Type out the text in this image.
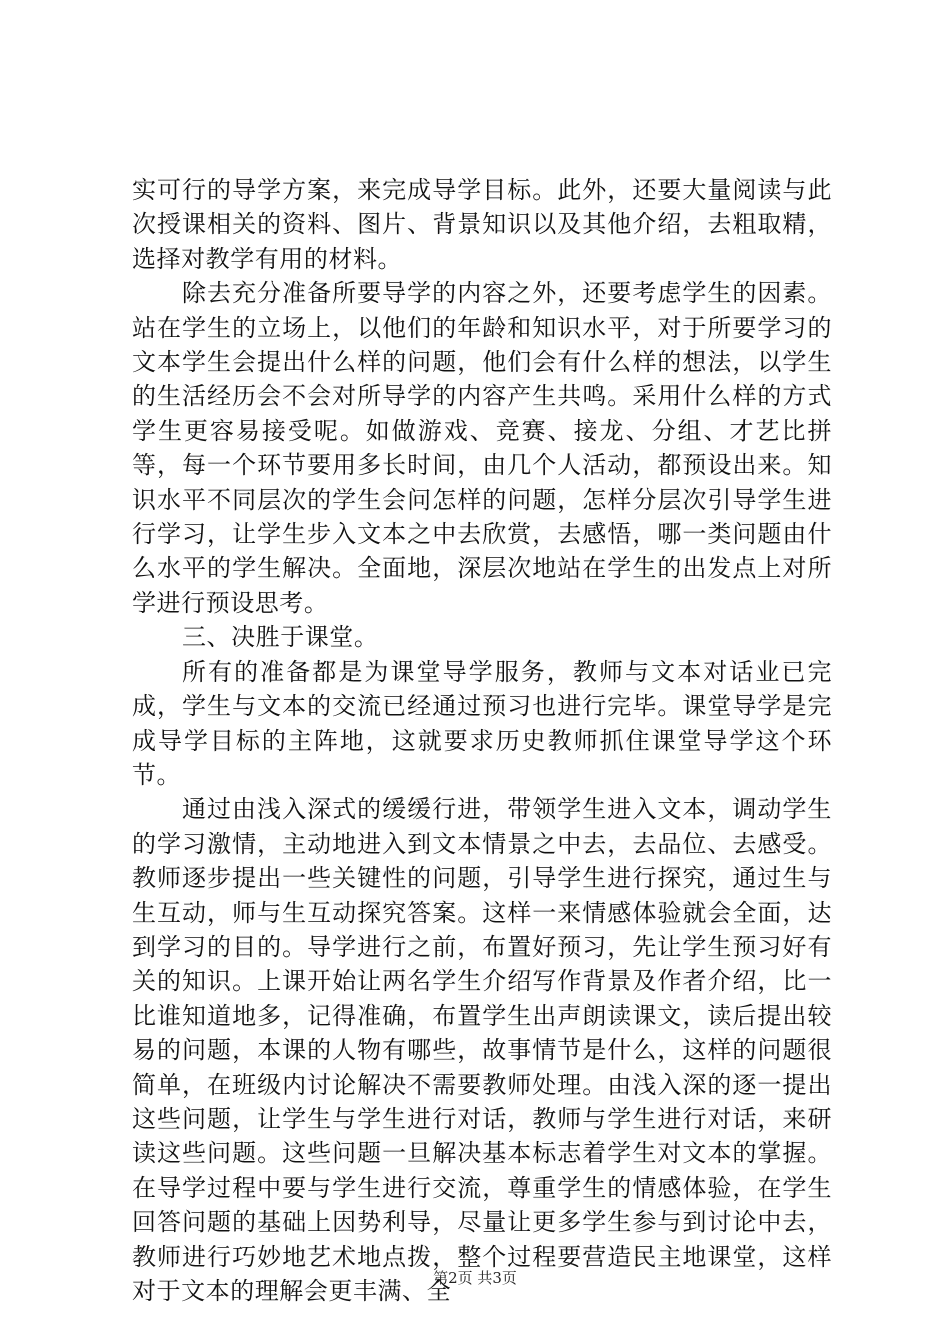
实可行的导学方案，来完成导学目标。此外，还要大量阅读与此次授课相关的资料、图片、背景知识以及其他介绍，去粗取精，选择对教学有用的材料。

除去充分准备所要导学的内容之外，还要考虑学生的因素。站在学生的立场上，以他们的年龄和知识水平，对于所要学习的文本学生会提出什么样的问题，他们会有什么样的想法，以学生的生活经历会不会对所导学的内容产生共鸣。采用什么样的方式学生更容易接受呢。如做游戏、竞赛、接龙、分组、才艺比拼等，每一个环节要用多长时间，由几个人活动，都预设出来。知识水平不同层次的学生会问怎样的问题，怎样分层次引导学生进行学习，让学生步入文本之中去欣赏，去感悟，哪一类问题由什么水平的学生解决。全面地，深层次地站在学生的出发点上对所学进行预设思考。

三、决胜于课堂。

所有的准备都是为课堂导学服务，教师与文本对话业已完成，学生与文本的交流已经通过预习也进行完毕。课堂导学是完成导学目标的主阵地，这就要求历史教师抓住课堂导学这个环节。

通过由浅入深式的缓缓行进，带领学生进入文本，调动学生的学习激情，主动地进入到文本情景之中去，去品位、去感受。教师逐步提出一些关键性的问题，引导学生进行探究，通过生与生互动，师与生互动探究答案。这样一来情感体验就会全面，达到学习的目的。导学进行之前，布置好预习，先让学生预习好有关的知识。上课开始让两名学生介绍写作背景及作者介绍，比一比谁知道地多，记得准确，布置学生出声朗读课文，读后提出较易的问题，本课的人物有哪些，故事情节是什么，这样的问题很简单，在班级内讨论解决不需要教师处理。由浅入深的逐一提出这些问题，让学生与学生进行对话，教师与学生进行对话，来研读这些问题。这些问题一旦解决基本标志着学生对文本的掌握。在导学过程中要与学生进行交流，尊重学生的情感体验，在学生回答问题的基础上因势利导，尽量让更多学生参与到讨论中去，教师进行巧妙地艺术地点拨，整个过程要营造民主地课堂，这样对于文本的理解会更丰满、全

第2页 共3页
